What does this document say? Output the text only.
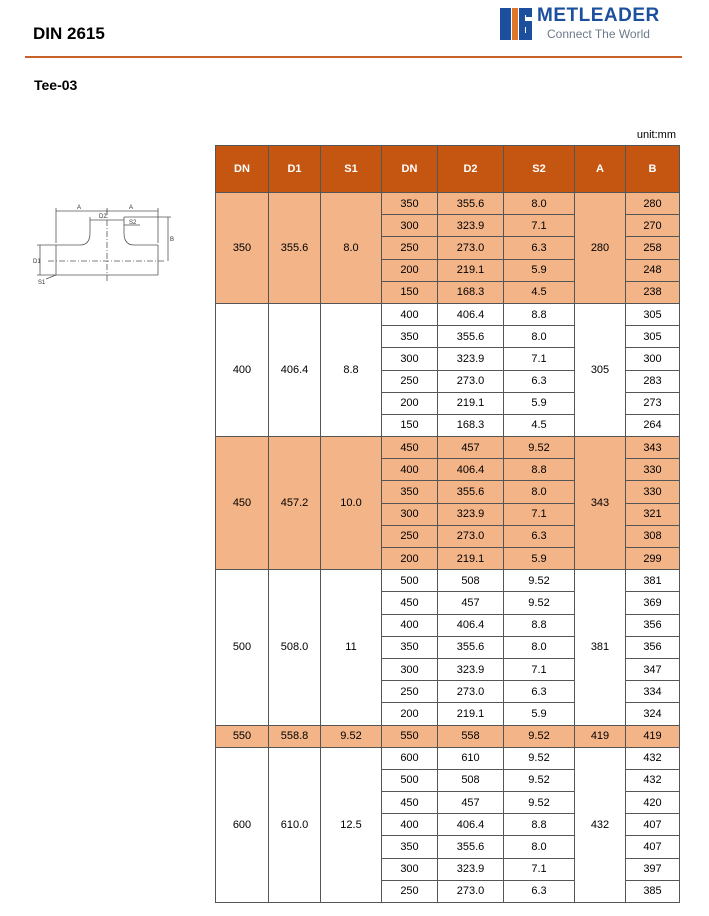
DIN 2615
METLEADER
Connect The World
Tee-03
unit:mm
A	A
D2
S2
B
D1
S1
DN	D1	S1	DN	D2	S2	A	B
350	355.6	8.0	350	355.6	8.0	280	280
			300	323.9	7.1		270
			250	273.0	6.3		258
			200	219.1	5.9		248
			150	168.3	4.5		238
400	406.4	8.8	400	406.4	8.8	305	305
			350	355.6	8.0		305
			300	323.9	7.1		300
			250	273.0	6.3		283
			200	219.1	5.9		273
			150	168.3	4.5		264
450	457.2	10.0	450	457	9.52	343	343
			400	406.4	8.8		330
			350	355.6	8.0		330
			300	323.9	7.1		321
			250	273.0	6.3		308
			200	219.1	5.9		299
500	508.0	11	500	508	9.52	381	381
			450	457	9.52		369
			400	406.4	8.8		356
			350	355.6	8.0		356
			300	323.9	7.1		347
			250	273.0	6.3		334
			200	219.1	5.9		324
550	558.8	9.52	550	558	9.52	419	419
600	610.0	12.5	600	610	9.52	432	432
			500	508	9.52		432
			450	457	9.52		420
			400	406.4	8.8		407
			350	355.6	8.0		407
			300	323.9	7.1		397
			250	273.0	6.3		385
